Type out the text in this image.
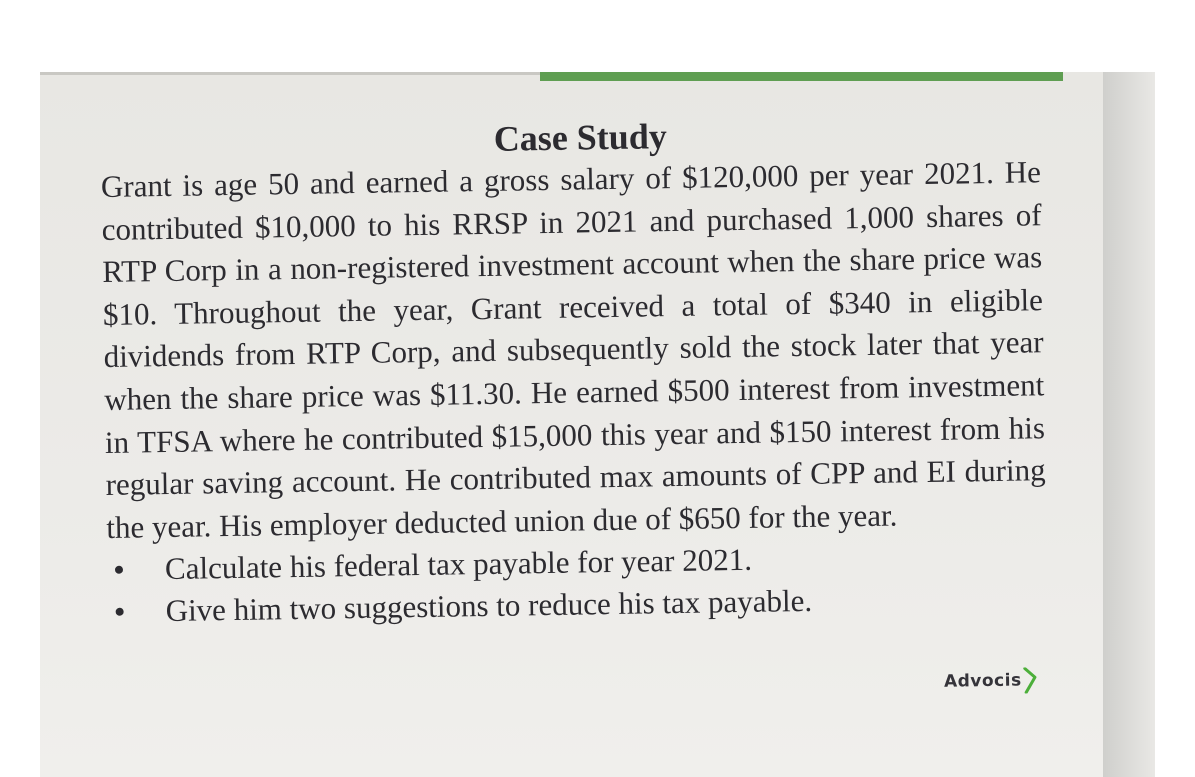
Case Study

Grant is age 50 and earned a gross salary of $120,000 per year 2021. He contributed $10,000 to his RRSP in 2021 and purchased 1,000 shares of RTP Corp in a non-registered investment account when the share price was $10. Throughout the year, Grant received a total of $340 in eligible dividends from RTP Corp, and subsequently sold the stock later that year when the share price was $11.30. He earned $500 interest from investment in TFSA where he contributed $15,000 this year and $150 interest from his regular saving account. He contributed max amounts of CPP and EI during the year. His employer deducted union due of $650 for the year.

Calculate his federal tax payable for year 2021.
Give him two suggestions to reduce his tax payable.
Advocis
